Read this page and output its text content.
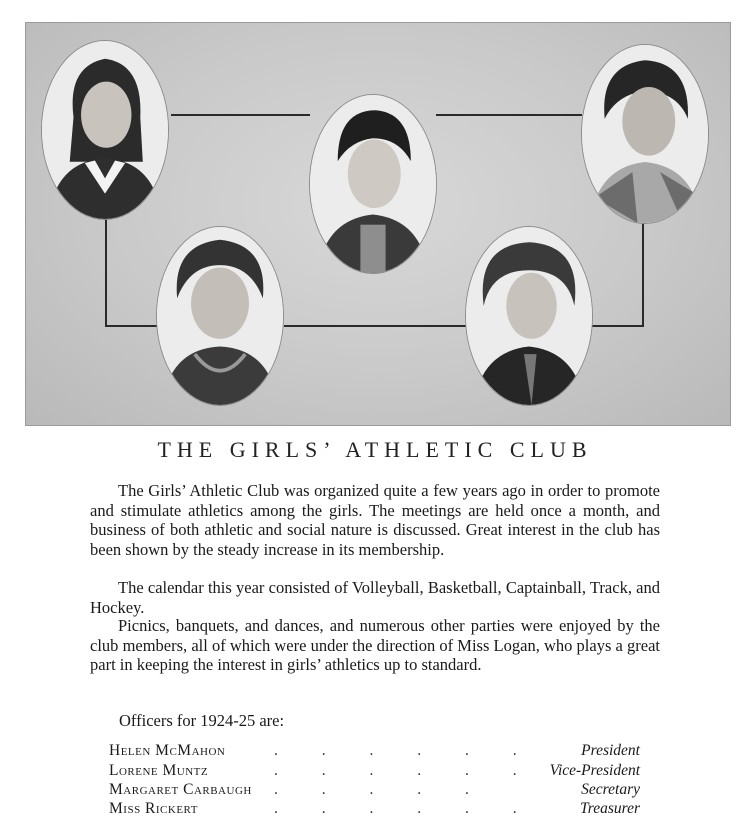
THE GIRLS’ ATHLETIC CLUB

The Girls’ Athletic Club was organized quite a few years ago in order to promote and stimulate athletics among the girls. The meetings are held once a month, and business of both athletic and social nature is discussed. Great interest in the club has been shown by the steady increase in its membership.

The calendar this year consisted of Volleyball, Basketball, Captainball, Track, and Hockey.

Picnics, banquets, and dances, and numerous other parties were enjoyed by the club members, all of which were under the direction of Miss Logan, who plays a great part in keeping the interest in girls’ athletics up to standard.

Officers for 1924-25 are:
Helen McMahon	. . . . . .	President
Lorene Muntz	. . . . . . Vice-President
Margaret Carbaugh . . . . .	Secretary
Miss Rickert	. . . . . .	Treasurer
